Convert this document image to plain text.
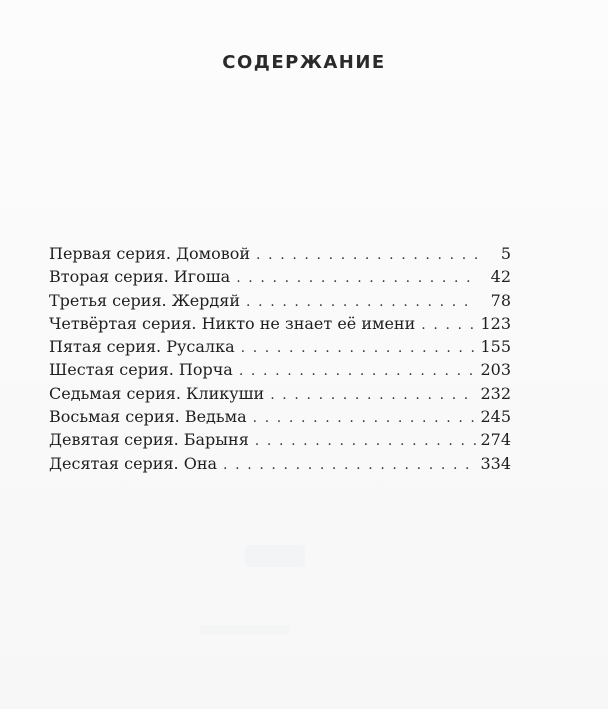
СОДЕРЖАНИЕ
Первая серия. Домовой . . .	5
Вторая серия. Игоша . . .	42
Третья серия. Жердяй . . .	78
Четвёртая серия. Никто не знает её имени . . .	123
Пятая серия. Русалка . . .	155
Шестая серия. Порча . . .	203
Седьмая серия. Кликуши . . .	232
Восьмая серия. Ведьма . . .	245
Девятая серия. Барыня . . .	274
Десятая серия. Она . . .	334
